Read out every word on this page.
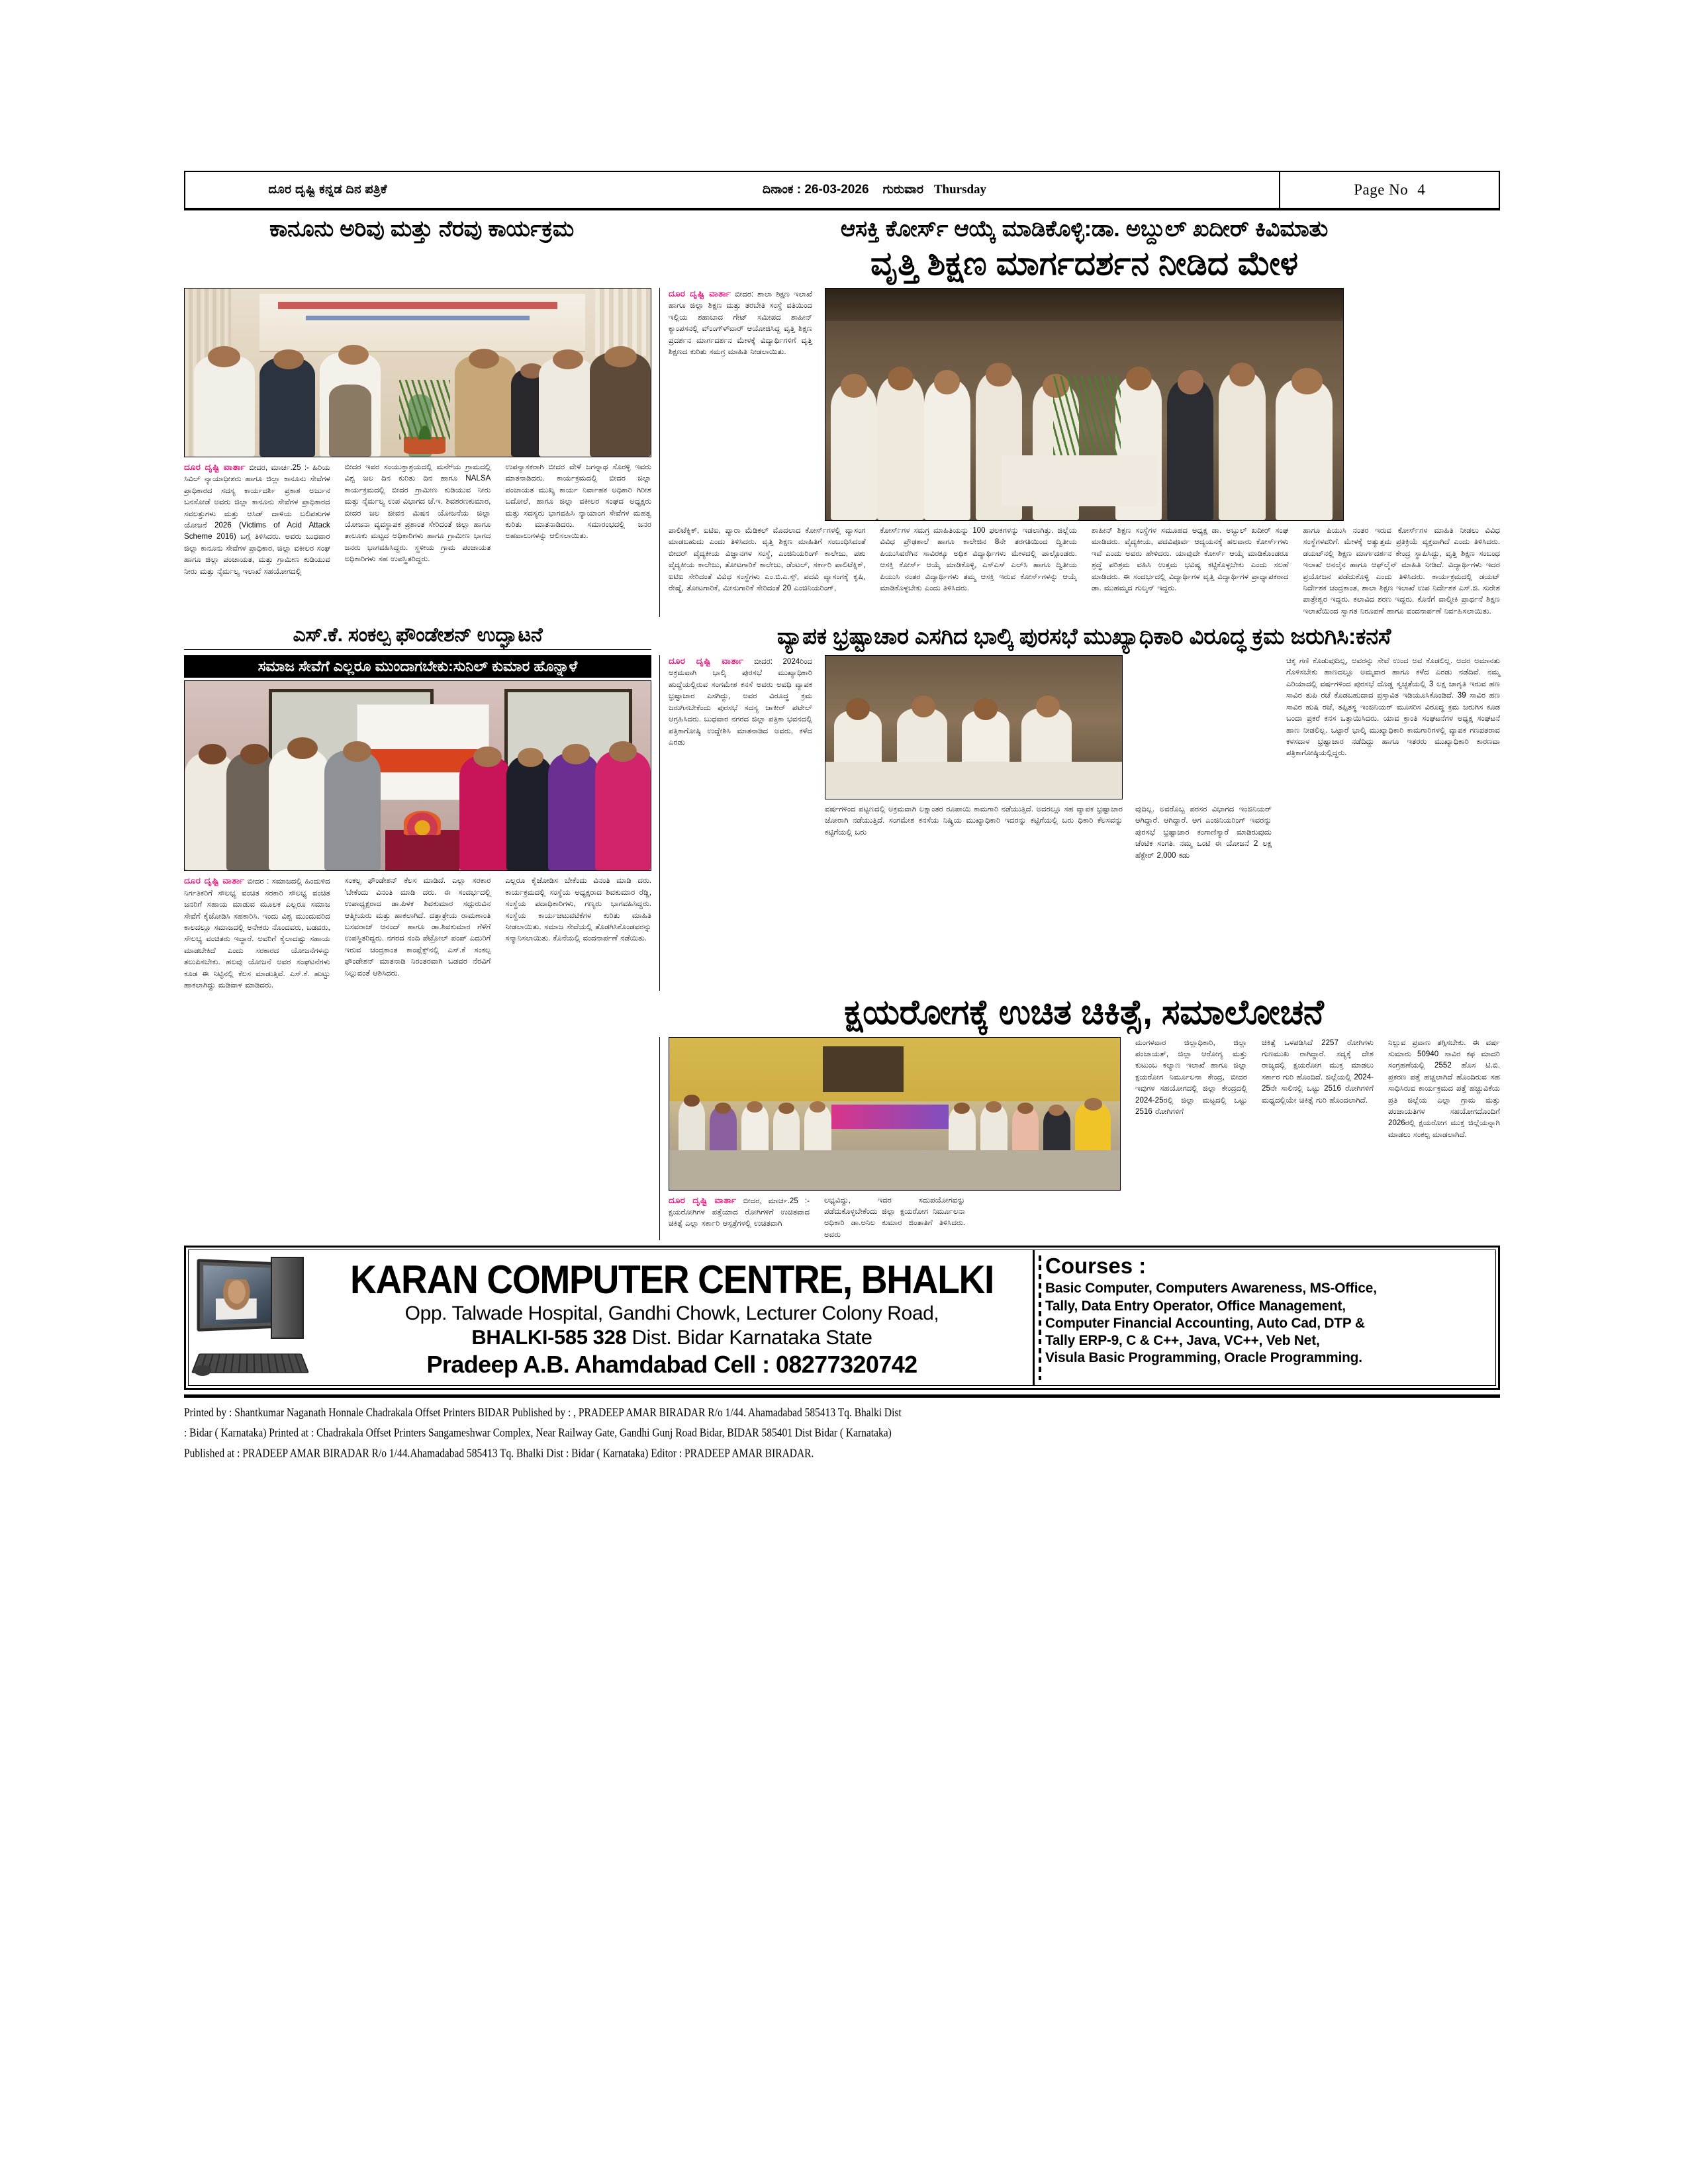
ದೂರ ದೃಷ್ಟಿ ಕನ್ನಡ ದಿನ ಪತ್ರಿಕೆ	ದಿನಾಂಕ : 26-03-2026 ಗುರುವಾರ Thursday	Page No 4
ಕಾನೂನು ಅರಿವು ಮತ್ತು ನೆರವು ಕಾರ್ಯಕ್ರಮ	ಆಸಕ್ತಿ ಕೋರ್ಸ್‌ ಆಯ್ಕೆ ಮಾಡಿಕೊಳ್ಳಿ:ಡಾ. ಅಬ್ದುಲ್ ಖದೀರ್ ಕಿವಿಮಾತು
ವೃತ್ತಿ ಶಿಕ್ಷಣ ಮಾರ್ಗದರ್ಶನ ನೀಡಿದ ಮೇಳ
ದೂರ ದೃಷ್ಟಿ ವಾರ್ತಾ ಬೀದರ, ಮಾರ್ಚ.25 :- ಹಿರಿಯ ಸಿವಿಲ್ ನ್ಯಾಯಾಧೀಶರು ಹಾಗೂ ಜಿಲ್ಲಾ ಕಾನೂನು ಸೇವೆಗಳ ಪ್ರಾಧಿಕಾರದ ಸದಸ್ಯ ಕಾರ್ಯದರ್ಶಿ ಪ್ರಕಾಶ ಅರ್ಜುನ ಬನಸೋಡೆ ಅವರು ಜಿಲ್ಲಾ ಕಾನೂನು ಸೇವೆಗಳ ಪ್ರಾಧಿಕಾರದ ಸವಲತ್ತುಗಳು ಮತ್ತು ಆಸಿಡ್ ದಾಳಿಯ ಬಲಿಪಶುಗಳ ಯೋಜನೆ 2026 (Victims of Acid Attack Scheme 2016) ಬಗ್ಗೆ ತಿಳಿಸಿದರು. ಅವರು ಬುಧವಾರ ಜಿಲ್ಲಾ ಕಾನೂನು ಸೇವೆಗಳ ಪ್ರಾಧಿಕಾರ, ಜಿಲ್ಲಾ ವಕೀಲರ ಸಂಘ ಹಾಗೂ ಜಿಲ್ಲಾ ಪಂಚಾಯತ, ಮತ್ತು ಗ್ರಾಮೀಣ ಕುಡಿಯುವ ನೀರು ಮತ್ತು ನೈರ್ಮಲ್ಯ ಇಲಾಖೆ ಸಹಯೋಗದಲ್ಲಿ
ಬೀದರ ಇವರ ಸಂಯುಕ್ತಾಶ್ರಯದಲ್ಲಿ ಮನೇ್ಯ ಗ್ರಾಮದಲ್ಲಿ ವಿಶ್ವ ಜಲ ದಿನ ಕುರಿತು ದಿನ ಹಾಗೂ NALSA ಕಾರ್ಯಕ್ರಮದಲ್ಲಿ ಬೀದರ ಗ್ರಾಮೀಣ ಕುಡಿಯುವ ನೀರು ಮತ್ತು ನೈರ್ಮಲ್ಯ ಉಪ ವಿಭಾಗದ ಜೆ.ಇ. ಶಿವಶರಣಕುಮಾರ, ಬೀದರ ಜಲ ಜೀವನ ಮಿಷನ ಯೋಜನೆಯ ಜಿಲ್ಲಾ ಯೋಜನಾ ವ್ಯವಸ್ಥಾಪಕ ಪ್ರಶಾಂತ ಸೇರಿದಂತೆ ಜಿಲ್ಲಾ ಹಾಗೂ ತಾಲೂಕು ಮಟ್ಟದ ಅಧಿಕಾರಿಗಳು ಹಾಗೂ ಗ್ರಾಮೀಣ ಭಾಗದ ಜನರು ಭಾಗವಹಿಸಿದ್ದರು. ಸ್ಥಳೀಯ ಗ್ರಾಮ ಪಂಚಾಯತ ಅಧಿಕಾರಿಗಳು ಸಹ ಉಪಸ್ಥಿತರಿದ್ದರು.
ಉಪನ್ಯಾಸಕರಾಗಿ ಬೀದರ ವೇಳೆ ಜಗನ್ನಾಥ ಸೊರಳ್ಳಿ ಇವರು ಮಾತನಾಡಿದರು. ಕಾರ್ಯಕ್ರಮದಲ್ಲಿ ಬೀದರ ಜಿಲ್ಲಾ ಪಂಚಾಯತ ಮುಖ್ಯ ಕಾರ್ಯ ನಿರ್ವಾಹಕ ಅಧಿಕಾರಿ ಗಿರೀಶ ಬದೋಲೆ, ಹಾಗೂ ಜಿಲ್ಲಾ ವಕೀಲರ ಸಂಘದ ಅಧ್ಯಕ್ಷರು ಮತ್ತು ಸದಸ್ಯರು ಭಾಗವಹಿಸಿ ನ್ಯಾಯಾಂಗ ಸೇವೆಗಳ ಮಹತ್ವ ಕುರಿತು ಮಾತನಾಡಿದರು. ಸಮಾರಂಭದಲ್ಲಿ ಜನರ ಅಹವಾಲುಗಳನ್ನು ಆಲಿಸಲಾಯಿತು.
ದೂರ ದೃಷ್ಟಿ ವಾರ್ತಾ ಬೀದರ: ಶಾಲಾ ಶಿಕ್ಷಣ ಇಲಾಖೆ ಹಾಗೂ ಜಿಲ್ಲಾ ಶಿಕ್ಷಣ ಮತ್ತು ತರಬೇತಿ ಸಂಸ್ಥೆ ವತಿಯಿಂದ ಇಲ್ಲಿಯ ಶಹಾಬಾದ ಗೇಟ್ ಸಮೀಪದ ಶಾಹೀನ್ ಕ್ಯಾಂಪಸನಲ್ಲಿ ವ‌್‌ಂಂಗ‌್‌ಳ‌್‌ವಾರ‌್‌ ಆಯೋಜಿಸಿದ್ದ ವೃತ್ತಿ ಶಿಕ್ಷಣ ಪ್ರದರ್ಶನ ಮಾರ್ಗದರ್ಶನ ಮೇಳಕ್ಕೆ ವಿದ್ಯಾರ್ಥಿಗಳಿಗೆ ವೃತ್ತಿ ಶಿಕ್ಷಣದ ಕುರಿತು ಸಮಗ್ರ ಮಾಹಿತಿ ನೀಡಲಾಯಿತು.
ಪಾಲಿಟೆಕ್ನಿಕ್, ಐಟಿಐ, ಪ್ಯಾರಾ ಮೆಡಿಕಲ್ ಮೊದಲಾದ ಕೋರ್ಸ್‌ಗಳಲ್ಲಿ ವ್ಯಾಸಂಗ ಮಾಡಬಹುದು ಎಂದು ತಿಳಿಸಿದರು. ವೃತ್ತಿ ಶಿಕ್ಷಣ ಮಾಹಿತಿಗೆ ಸಂಬಂಧಿಸಿದಂತೆ ಬೀದರ್ ವೈದ್ಯಕೀಯ ವಿಜ್ಞಾನಗಳ ಸಂಸ್ಥೆ, ಎಂಜಿನಿಯರಿಂಗ್ ಕಾಲೇಜು, ಪಶು ವೈದ್ಯಕೀಯ ಕಾಲೇಜು, ತೋಟಗಾರಿಕೆ ಕಾಲೇಜು, ಡೆಂಟಲ್, ಸರ್ಕಾರಿ ಪಾಲಿಟೆಕ್ನಿಕ್, ಐಟಿಐ ಸೇರಿದಂತೆ ವಿವಿಧ ಸಂಸ್ಥೆಗಳು ಎಂ.ಬಿ.ಎ.ಸ್ಸ್, ಪದವಿ ವ್ಯಾಸಂಗಕ್ಕೆ ಕೃಷಿ, ರೇಷ್ಮೆ, ತೋಟಗಾರಿಕೆ, ಮೀನುಗಾರಿಕೆ ಸೇರಿದಂತೆ 20 ಎಂಜಿನಿಯರಿಂಗ್,
ಕೋರ್ಸ್‌ಗಳ ಸಮಗ್ರ ಮಾಹಿತಿಯನ್ನು 100 ಫಲಕಗಳನ್ನು ಇಡಲಾಗಿತ್ತು. ಜಿಲ್ಲೆಯ ವಿವಿಧ ಪ್ರೌಢಶಾಲೆ ಹಾಗೂ ಕಾಲೇಜಿನ 8ನೇ ತರಗತಿಯಿಂದ ದ್ವಿತೀಯ ಪಿಯುಸಿವರೆಗಿನ ಸಾವಿರಕ್ಕೂ ಅಧಿಕ ವಿದ್ಯಾರ್ಥಿಗಳು ಮೇಳದಲ್ಲಿ ಪಾಲ್ಗೊಂಡರು. ಆಸಕ್ತಿ ಕೋರ್ಸ್ ಆಯ್ಕೆ ಮಾಡಿಕೊಳ್ಳಿ, ಎಸ್‌ಎಸ್ ಎಲ್‌ಸಿ ಹಾಗೂ ದ್ವಿತೀಯ ಪಿಯುಸಿ ನಂತರ ವಿದ್ಯಾರ್ಥಿಗಳು ತಮ್ಮ ಆಸಕ್ತಿ ಇರುವ ಕೋರ್ಸ್‌ಗಳನ್ನು ಆಯ್ಕೆ ಮಾಡಿಕೊಳ್ಳಬೇಕು ಎಂದು ತಿಳಿಸಿದರು.
ಶಾಹೀನ್ ಶಿಕ್ಷಣ ಸಂಸ್ಥೆಗಳ ಸಮೂಹದ ಅಧ್ಯಕ್ಷ ಡಾ. ಅಬ್ದುಲ್ ಖದೀರ್ ಸಂಘ ಮಾಡಿದರು. ವೈದ್ಯಕೀಯ, ಪದವಿಪೂರ್ವ ಆದ್ಯಯನಕ್ಕೆ ಹಲವಾರು ಕೋರ್ಸ್‌ಗಳು ಇವೆ ಎಂದು ಅವರು ಹೇಳಿದರು. ಯಾವುದೇ ಕೋರ್ಸ್ ಆಯ್ಕೆ ಮಾಡಿಕೊಂಡರೂ ಶ್ರದ್ಧೆ ಪರಿಶ್ರಮ ವಹಿಸಿ ಉತ್ತಮ ಭವಿಷ್ಯ ಕಟ್ಟಿಕೊಳ್ಳಬೇಕು ಎಂದು ಸಲಹೆ ಮಾಡಿದರು. ಈ ಸಂದರ್ಭದಲ್ಲಿ ವಿದ್ಯಾರ್ಥಿಗಳ ವೃತ್ತಿ ವಿದ್ಯಾರ್ಥಿಗಳ ಪ್ರಾಧ್ಯಾಪಕರಾದ ಡಾ. ಮುಹಮ್ಮದ ಗುಲ್ಶನ್ ಇದ್ದರು.
ಹಾಗೂ ಪಿಯುಸಿ ನಂತರ ಇರುವ ಕೋರ್ಸ್‌ಗಳ ಮಾಹಿತಿ ನೀಡಲು ವಿವಿಧ ಸಂಸ್ಥೆಗಳವರಿಗೆ. ಮೇಳಕ್ಕೆ ಅತ್ಯುತ್ತಮ ಪ್ರತಿಕ್ರಿಯೆ ವ್ಯಕ್ತವಾಗಿದೆ ಎಂದು ತಿಳಿಸಿದರು. ಡಯಟ್‌ನಲ್ಲಿ ಶಿಕ್ಷಣ ಮಾರ್ಗದರ್ಶನ ಕೇಂದ್ರ ಸ್ಥಾಪಿಸಿದ್ದು, ವೃತ್ತಿ ಶಿಕ್ಷಣ ಸಂಬಂಧ ಇಲಾಖೆ ಅನಲೈನ ಹಾಗೂ ಆಫ್‌ಲೈನ್ ಮಾಹಿತಿ ನೀಡಿದೆ. ವಿದ್ಯಾರ್ಥಿಗಳು ಇದರ ಪ್ರಯೋಜನ ಪಡೆದುಕೊಳ್ಳಿ ಎಂದು ತಿಳಿಸಿದರು. ಕಾರ್ಯಕ್ರಮದಲ್ಲಿ ಡಯಟ್ ನಿರ್ದೇಶಕ ಚಂದ್ರಕಾಂತ, ಶಾಲಾ ಶಿಕ್ಷಣ ಇಲಾಖೆ ಉಪ ನಿರ್ದೇಶಕ ಎಸ್.ಜಿ. ಸುರೇಶ ಪಾತ್ರೇಶ್ವರ ಇದ್ದರು. ಕಲಾವಿದ ಶರಣ ಇದ್ದರು. ಕೊನೆಗೆ ವಾಲ್ಮೀಕಿ ಪ್ರಾರ್ಥನೆ ಶಿಕ್ಷಣ ಇಲಾಖೆಯಿಂದ ಸ್ವಾಗತ ನಿರೂಪಣೆ ಹಾಗೂ ವಂದನಾರ್ಪಣೆ ನಿರ್ವಹಿಸಲಾಯಿತು.
ಎಸ್.ಕೆ. ಸಂಕಲ್ಪ ಫೌಂಡೇಶನ್ ಉದ್ಘಾಟನೆ	ವ್ಯಾಪಕ ಭ್ರಷ್ಟಾಚಾರ ಎಸಗಿದ ಭಾಲ್ಕಿ ಪುರಸಭೆ ಮುಖ್ಯಾಧಿಕಾರಿ ವಿರೂದ್ಧ ಕ್ರಮ ಜರುಗಿಸಿ:ಕನಸೆ
ಸಮಾಜ ಸೇವೆಗೆ ಎಲ್ಲರೂ ಮುಂದಾಗಬೇಕು:ಸುನಿಲ್ ಕುಮಾರ ಹೊನ್ನಾಳೆ
ದೂರ ದೃಷ್ಟಿ ವಾರ್ತಾ ಬೀದರ : ಸಮಾಜದಲ್ಲಿ ಹಿಂದುಳಿದ ನಿರ್ಗತಿಕರಿಗೆ ಸೌಲಭ್ಯ ವಂಚಿತ ಸರಕಾರಿ ಸೌಲಭ್ಯ ವಂಚಿತ ಜನರಿಗೆ ಸಹಾಯ ಮಾಡುವ ಮೂಲಕ ಎಲ್ಲರೂ ಸಮಾಜ ಸೇವೆಗೆ ಕೈಜೋಡಿಸಿ ಸಹಕಾರಿಸಿ. ಇಂದು ವಿಶ್ವ ಮುಂದುವರಿದ ಕಾಲದಲ್ಲೂ ಸಮಾಜದಲ್ಲಿ ಅನೇಕರು ನೊಂದವರು, ಬಡವರು, ಸೌಲಭ್ಯ ವಂಚಿತರು ಇದ್ದಾರೆ. ಅವರಿಗೆ ಕೈಲಾದಷ್ಟು ಸಹಾಯ ಮಾಡಬೇಕಿದೆ ಎಂದು ಸರಕಾರದ ಯೋಜನೆಗಳನ್ನು ತಲುಪಿಸಬೇಕು. ಹಲವು ಯೋಜನೆ ಅವರ ಸಂಘಟನೆಗಳು ಕೂಡ ಈ ನಿಟ್ಟಿನಲ್ಲಿ ಕೆಲಸ ಮಾಡುತ್ತಿವೆ. ಎಸ್.ಕೆ. ಹುಟ್ಟು ಹಾಕಲಾಗಿದ್ದು ಮಡಿವಾಳ ಮಾಡಿದರು.
ಸಂಕಲ್ಪ ಫೌಂಡೇಶನ್ ಕೆಲಸ ಮಾಡಿದೆ. ಎಲ್ಲಾ ಸರಕಾರ 'ಬೇಕೆಂದು ವಿನಂತಿ ಮಾಡಿ ದರು. ಈ ಸಂದರ್ಭದಲ್ಲಿ ಉಪಾಧ್ಯಕ್ಷರಾದ ಡಾ.ಪಿಳಕ ಶಿವಕುಮಾರ ಸದ್ಗುರುವಿನ ಆತ್ಮೀಯರು ಮತ್ತು ಹಾಕಲಾಗಿದೆ. ದತ್ತಾತ್ರೇಯ ರಾಮಣಾಂತಿ ಬಸವರಾಜ್ ಆನಂದ್ ಹಾಗೂ ಡಾ.ಶಿವಕುಮಾರ ಗೆಳೆಗೆ ಉಪಸ್ಥಿತರಿದ್ದರು. ನಗರದ ನಂದಿ ಪೆಟ್ರೋಲ್ ಪಂಪ್ ಎದುರಿಗೆ ಇರುವ ಚಂದ್ರಕಾಂತ ಕಾಂಪ್ಲೆಕ್ಸ್‌ನಲ್ಲಿ ಎಸ್.ಕೆ ಸಂಕಲ್ಪ ಫೌಂಡೇಶನ್ ಮಾತನಾಡಿ ನಿರಂತರವಾಗಿ ಬಡವರ ನೆರವಿಗೆ ನಿಲ್ಲುವಂತೆ ಆಶಿಸಿದರು.
ಎಲ್ಲರೂ ಕೈಜೋಡಿಸ ಬೇಕೆಂದು ವಿನಂತಿ ಮಾಡಿ ದರು. ಕಾರ್ಯಕ್ರಮದಲ್ಲಿ ಸಂಸ್ಥೆಯ ಅಧ್ಯಕ್ಷರಾದ ಶಿವಕುಮಾರ ರೆಡ್ಡಿ, ಸಂಸ್ಥೆಯ ಪದಾಧಿಕಾರಿಗಳು, ಗಣ್ಯರು ಭಾಗವಹಿಸಿದ್ದರು. ಸಂಸ್ಥೆಯ ಕಾರ್ಯಚಟುವಟಿಕೆಗಳ ಕುರಿತು ಮಾಹಿತಿ ನೀಡಲಾಯಿತು. ಸಮಾಜ ಸೇವೆಯಲ್ಲಿ ತೊಡಗಿಸಿಕೊಂಡವರನ್ನು ಸನ್ಮಾನಿಸಲಾಯಿತು. ಕೊನೆಯಲ್ಲಿ ವಂದನಾರ್ಪಣೆ ನಡೆಯಿತು.
ದೂರ ದೃಷ್ಟಿ ವಾರ್ತಾ ಬೀದರ: 2024ರಿಂದ ಅಕ್ರಮವಾಗಿ ಭಾಲ್ಕಿ ಪುರಸಭೆ ಮುಖ್ಯಾಧಿಕಾರಿ ಹುದ್ದೆಯಲ್ಲಿರುವ ಸಂಗಮೇಶ ಕನಸೆ ಅವರು ಅವಧಿ ವ್ಯಾಪಕ ಭ್ರಷ್ಟಾಚಾರ ಎಸಗಿದ್ದು, ಅವರ ವಿರೂದ್ಧ ಕ್ರಮ ಜರುಗಿಸಬೇಕೆಂದು ಪುರಸಭೆ ಸದಸ್ಯ ಜಾಕೀರ್ ಪಟೇಲ್ ಆಗ್ರಹಿಸಿದರು. ಬುಧವಾರ ನಗರದ ಜಿಲ್ಲಾ ಪತ್ರಿಕಾ ಭವನದಲ್ಲಿ ಪತ್ರಿಕಾಗೋಷ್ಠಿ ಉದ್ದೇಶಿಸಿ ಮಾತನಾಡಿದ ಅವರು, ಕಳೆದ ಎರಡು
ವರ್ಷಗಳಿಂದ ಪಟ್ಟಣದಲ್ಲಿ ಅಕ್ರಮವಾಗಿ ಲಕ್ಷಾಂತರ ರೂಪಾಯಿ ಕಾಮಗಾರಿ ನಡೆಯುತ್ತಿದೆ. ಅದರಲ್ಲೂ ಸಹ ವ್ಯಾಪಕ ಭ್ರಷ್ಟಾಚಾರ ಜೋರಾಗಿ ನಡೆಯುತ್ತಿದೆ. ಸಂಗಮೇಶ ಕನಸೆಯ ನಿಷ್ಕ್ರಿಯ ಮುಖ್ಯಾಧಿಕಾರಿ ಇದರನ್ನು ಕಟ್ಟಿಗೆಯಲ್ಲಿ ಬರು ಧಿಕಾರಿ ಕೆಲಸವನ್ನು ಕಟ್ಟಿಗೆಯಲ್ಲಿ ಬರು
ವುದಿಲ್ಲ. ಅವರೊಬ್ಬ ಪರಸರ ವಿಭಾಗದ ಇಂಜಿನಿಯರ್ ಆಗಿದ್ದಾರೆ. ಆಗಿದ್ದಾರೆ. ಆಗ ಎಂಜಿನಿಯರಿಂಗ್ ಇವರನ್ನು ಪುರಸಭೆ ಭ್ರಷ್ಟಾಚಾರ ಕಂಗಾಣಿಸ್ಯಾರೆ ಮಾಡಿರುವುದು ಚೆಂಟಿಕ ಸಂಗತಿ. ನಮ್ಮ ಒಂಟಿ ಈ ಯೋಜನೆ 2 ಲಕ್ಷ ಹೆಕ್ಟೇರ್ 2,000 ಕಡು
ಚಿಕ್ಕ ಗಣಿ ಕೊಡುವುದಿಲ್ಲ, ಅವರನ್ನು ಸೇವೆ ಉಂದ ಅವ ಕೊಡಲಿಲ್ಲ. ಅದರ ಅಮಾನತು ಗೊಳಿಸಬೇಕು ಹಾಣದಲ್ಲೂ ಅಮ್ಮವಾರ ಹಾಗೂ ಕಳೆದ ಎರಡು ನಡೆದಿವೆ. ನಮ್ಮ ಎರಿಯಾದಲ್ಲಿ ವರ್ಷಗಳಿಂದ ಪುರಸಭೆ ದೊಡ್ಡ ಸ್ವಚ್ಛತೆಯಲ್ಲಿ 3 ಲಕ್ಷ ಜಾಗೃತಿ ಇರುವ ಹಣ ಸಾವಿರ ತುಪಿ ರಚೆ ಕೊಡಬಹುದಾದ ಪ್ರಸ್ತಾವಿತ ಇಡಿಯೂಸಿಕೊಂಡಿದೆ. 39 ಸಾವಿರ ಹಣ ಸಾವಿರ ಹುಷಿ ರಚೆ, ತಪ್ಪಿತಸ್ಥ ಇಂಜಿನಿಯರ್ ಮೂಸರಿಸ ವಿರೂದ್ಧ ಕ್ರಮ ಜರುಗಿಸ ಕೂಡ ಬಂದಾ ಪ್ರಕರೆ ಕನಸ ಒತ್ತಾಯಿಸಿದರು. ಯಾವ ಕ್ರಾಂತಿ ಸಂಘಟನೆಗಳ ಅಧ್ಯಕ್ಷ ಸಂಘಟನೆ ಹಾಣ ನೀಡಲಿಲ್ಲ. ಒಟ್ಟಾರೆ ಭಾಲ್ಕಿ ಮುಖ್ಯಾಧಿಕಾರಿ ಕಾಮಗಾರಿಗಳಲ್ಲಿ ವ್ಯಾಪಕ ಗಣಪತರಾವ ಕಳಸದಾಳ ಭ್ರಷ್ಟಾಚಾರ ನಡೆದಿದ್ದು ಹಾಗೂ ಇತರರು ಮುಖ್ಯಾಧಿಕಾರಿ ಕಾರಣವಾ ಪತ್ರಿಕಾಗೋಷ್ಠಿಯಲ್ಲಿದ್ದರು.
ಕ್ಷಯರೋಗಕ್ಕೆ ಉಚಿತ ಚಿಕಿತ್ಸೆ, ಸಮಾಲೋಚನೆ
ದೂರ ದೃಷ್ಟಿ ವಾರ್ತಾ ಬೀದರ, ಮಾರ್ಚ.25 :- ಕ್ಷಯರೋಗಿಗಳ ಪತ್ತೆಯಾದ ರೋಗಿಗಳಿಗೆ ಉಚಿತವಾದ ಚಿಕಿತ್ಸೆ ಎಲ್ಲಾ ಸರ್ಕಾರಿ ಆಸ್ಪತ್ರೆಗಳಲ್ಲಿ ಉಚಿತವಾಗಿ
ಲಭ್ಯವಿದ್ದು, ಇದರ ಸದುಪಯೋಗವನ್ನು ಪಡೆದುಕೊಳ್ಳಬೇಕೆಂದು ಜಿಲ್ಲಾ ಕ್ಷಯರೋಗ ನಿರ್ಮೂಲನಾ ಅಧಿಕಾರಿ ಡಾ.ಅನಿಲ ಕುಮಾರ ಜಿಂತಾತಿಗೆ ತಿಳಿಸಿದರು. ಅವರು
ಮಂಗಳವಾರ ಜಿಲ್ಲಾಧಿಕಾರಿ, ಜಿಲ್ಲಾ ಪಂಚಾಯತ್, ಜಿಲ್ಲಾ ಆರೋಗ್ಯ ಮತ್ತು ಕುಟುಂಬ ಕಲ್ಯಾಣ ಇಲಾಖೆ ಹಾಗೂ ಜಿಲ್ಲಾ ಕ್ಷಯರೋಗ ನಿರ್ಮೂಲನಾ ಕೇಂದ್ರ, ಬೀದರ ಇವುಗಳ ಸಹಯೋಗದಲ್ಲಿ ಜಿಲ್ಲಾ ಕೇಂದ್ರದಲ್ಲಿ 2024-25ರಲ್ಲಿ ಜಿಲ್ಲಾ ಮಟ್ಟದಲ್ಲಿ ಒಟ್ಟು 2516 ರೋಗಿಗಳಿಗೆ
ಚಿಕಿತ್ಸೆ ಒಳಪಡಿಸಿದೆ 2257 ರೋಗಿಗಳು ಗುಣಮುಖ ರಾಗಿದ್ದಾರೆ. ಸದ್ಯಕ್ಕೆ ದೇಶ ರಾಜ್ಯದಲ್ಲಿ ಕ್ಷಯರೋಗ ಮುಕ್ತ ಮಾಡಲು ಸರ್ಕಾರ ಗುರಿ ಹೊಂದಿದೆ. ಜಿಲ್ಲೆಯಲ್ಲಿ 2024-25ನೇ ಸಾಲಿನಲ್ಲಿ ಒಟ್ಟು 2516 ರೋಗಿಗಳಿಗೆ ಮಧ್ಯದಲ್ಲಿಯೇ ಚಿಕಿತ್ಸೆ ಗುರಿ ಹೊಂದಲಾಗಿದೆ.
ನಿಲ್ಲುವ ಪ್ರವಾಣ ತಗ್ಗಿಸಬೇಕು. ಈ ವರ್ಷ ಸುಮಾರು 50940 ಸಾವಿರ ಕಫ ಮಾದರಿ ಸಂಗ್ರಹಣೆಯಲ್ಲಿ 2552 ಹೊಸ ಟಿ.ಬಿ. ಪ್ರಕರಣ ಪತ್ತೆ ಹಚ್ಚಲಾಗಿದೆ ಹೊಂದಿರುವ ಸಹ ಸಾಧಿಸಿರುವ ಕಾರ್ಯಕ್ರಮದ ಪತ್ತೆ ಹಚ್ಚುವಿಕೆಯ ಪ್ರತಿ ಜಿಲ್ಲೆಯ ಎಲ್ಲಾ ಗ್ರಾಮ ಮತ್ತು ಪಂಚಾಯತಿಗಳ ಸಹಯೋಗದೊಂದಿಗೆ 2026ರಲ್ಲಿ ಕ್ಷಯರೋಗ ಮುಕ್ತ ಜಿಲ್ಲೆಯನ್ನಾಗಿ ಮಾಡಲು ಸಂಕಲ್ಪ ಮಾಡಲಾಗಿದೆ.
KARAN COMPUTER CENTRE, BHALKI
Opp. Talwade Hospital, Gandhi Chowk, Lecturer Colony Road,
BHALKI-585 328 Dist. Bidar Karnataka State
Pradeep A.B. Ahamdabad Cell : 08277320742
Courses :
Basic Computer, Computers Awareness, MS-Office,
Tally, Data Entry Operator, Office Management,
Computer Financial Accounting, Auto Cad, DTP &
Tally ERP-9, C & C++, Java, VC++, Veb Net,
Visula Basic Programming, Oracle Programming.
Printed by : Shantkumar Naganath Honnale Chadrakala Offset Printers BIDAR Published by : , PRADEEP AMAR BIRADAR R/o 1/44. Ahamadabad 585413 Tq. Bhalki Dist
: Bidar ( Karnataka) Printed at : Chadrakala Offset Printers Sangameshwar Complex, Near Railway Gate, Gandhi Gunj Road Bidar, BIDAR 585401 Dist Bidar ( Karnataka)
Published at : PRADEEP AMAR BIRADAR R/o 1/44.Ahamadabad 585413 Tq. Bhalki Dist : Bidar ( Karnataka) Editor : PRADEEP AMAR BIRADAR.
